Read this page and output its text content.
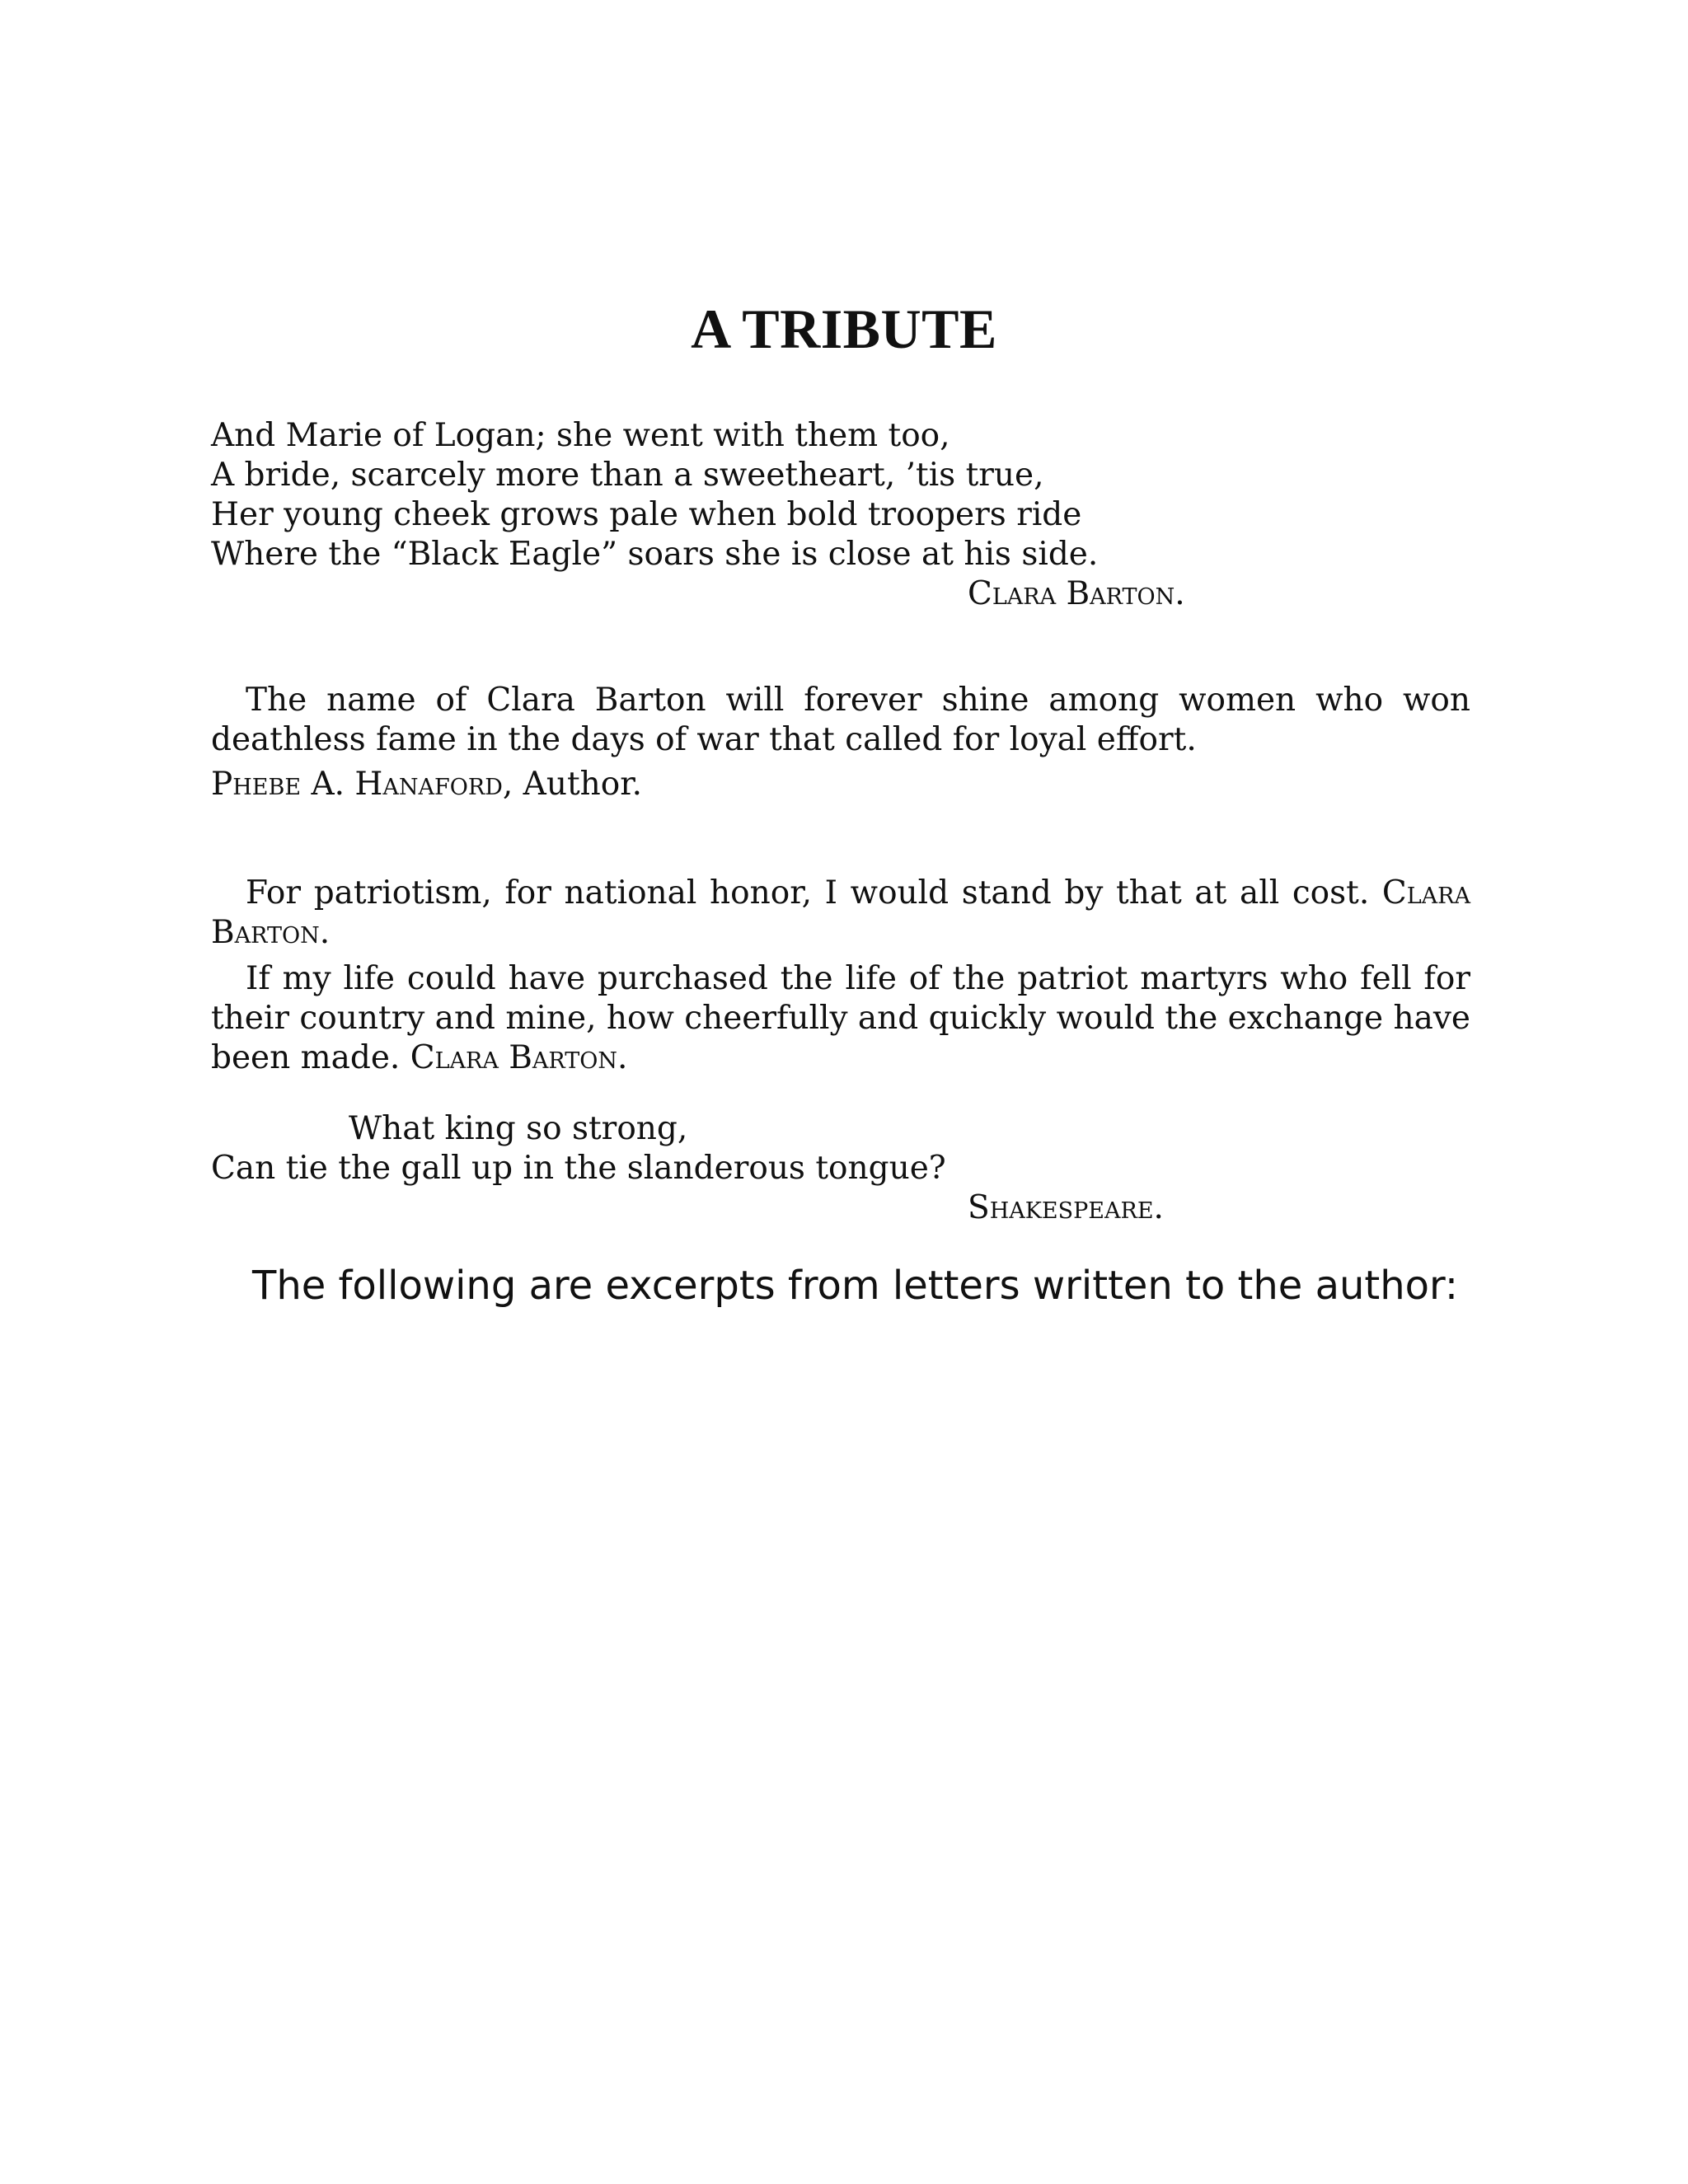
A TRIBUTE
And Marie of Logan; she went with them too,
A bride, scarcely more than a sweetheart, ’tis true,
Her young cheek grows pale when bold troopers ride
Where the “Black Eagle” soars she is close at his side.
Clara Barton.

The name of Clara Barton will forever shine among women who won deathless fame in the days of war that called for loyal effort.

Phebe A. Hanaford, Author.

For patriotism, for national honor, I would stand by that at all cost. Clara Barton.

If my life could have purchased the life of the patriot martyrs who fell for their country and mine, how cheerfully and quickly would the exchange have been made. Clara Barton.

What king so strong,
Can tie the gall up in the slanderous tongue?
Shakespeare.
The following are excerpts from letters written to the author:
